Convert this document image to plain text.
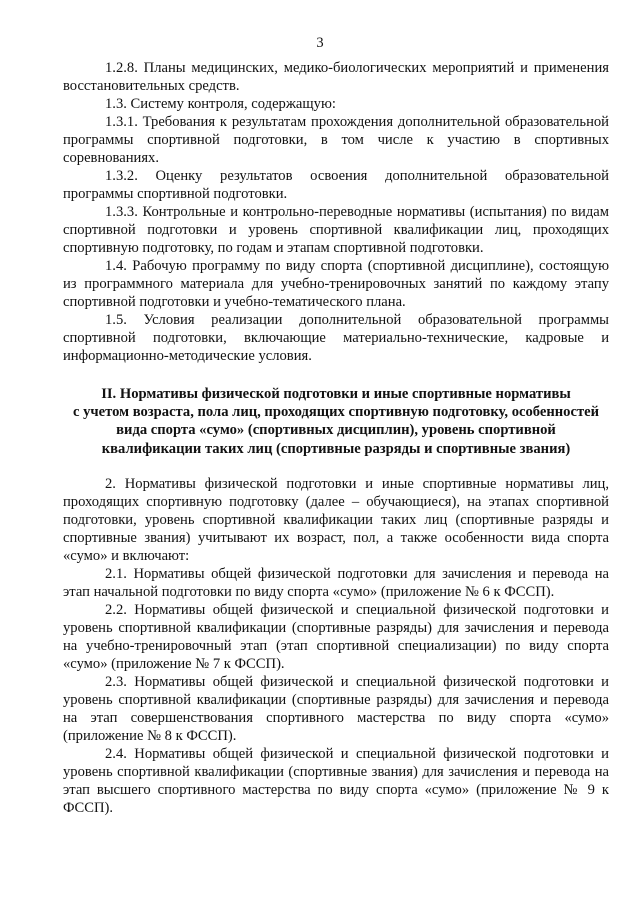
3

1.2.8. Планы медицинских, медико-биологических мероприятий и применения восстановительных средств.

1.3. Систему контроля, содержащую:

1.3.1. Требования к результатам прохождения дополнительной образовательной программы спортивной подготовки, в том числе к участию в спортивных соревнованиях.

1.3.2. Оценку результатов освоения дополнительной образовательной программы спортивной подготовки.

1.3.3. Контрольные и контрольно-переводные нормативы (испытания) по видам спортивной подготовки и уровень спортивной квалификации лиц, проходящих спортивную подготовку, по годам и этапам спортивной подготовки.

1.4. Рабочую программу по виду спорта (спортивной дисциплине), состоящую из программного материала для учебно-тренировочных занятий по каждому этапу спортивной подготовки и учебно-тематического плана.

1.5. Условия реализации дополнительной образовательной программы спортивной подготовки, включающие материально-технические, кадровые и информационно-методические условия.

II. Нормативы физической подготовки и иные спортивные нормативы
с учетом возраста, пола лиц, проходящих спортивную подготовку, особенностей
вида спорта «сумо» (спортивных дисциплин), уровень спортивной
квалификации таких лиц (спортивные разряды и спортивные звания)

2. Нормативы физической подготовки и иные спортивные нормативы лиц, проходящих спортивную подготовку (далее – обучающиеся), на этапах спортивной подготовки, уровень спортивной квалификации таких лиц (спортивные разряды и спортивные звания) учитывают их возраст, пол, а также особенности вида спорта «сумо» и включают:

2.1. Нормативы общей физической подготовки для зачисления и перевода на этап начальной подготовки по виду спорта «сумо» (приложение № 6 к ФССП).

2.2. Нормативы общей физической и специальной физической подготовки и уровень спортивной квалификации (спортивные разряды) для зачисления и перевода на учебно-тренировочный этап (этап спортивной специализации) по виду спорта «сумо» (приложение № 7 к ФССП).

2.3. Нормативы общей физической и специальной физической подготовки и уровень спортивной квалификации (спортивные разряды) для зачисления и перевода на этап совершенствования спортивного мастерства по виду спорта «сумо» (приложение № 8 к ФССП).

2.4. Нормативы общей физической и специальной физической подготовки и уровень спортивной квалификации (спортивные звания) для зачисления и перевода на этап высшего спортивного мастерства по виду спорта «сумо» (приложение № 9 к ФССП).
